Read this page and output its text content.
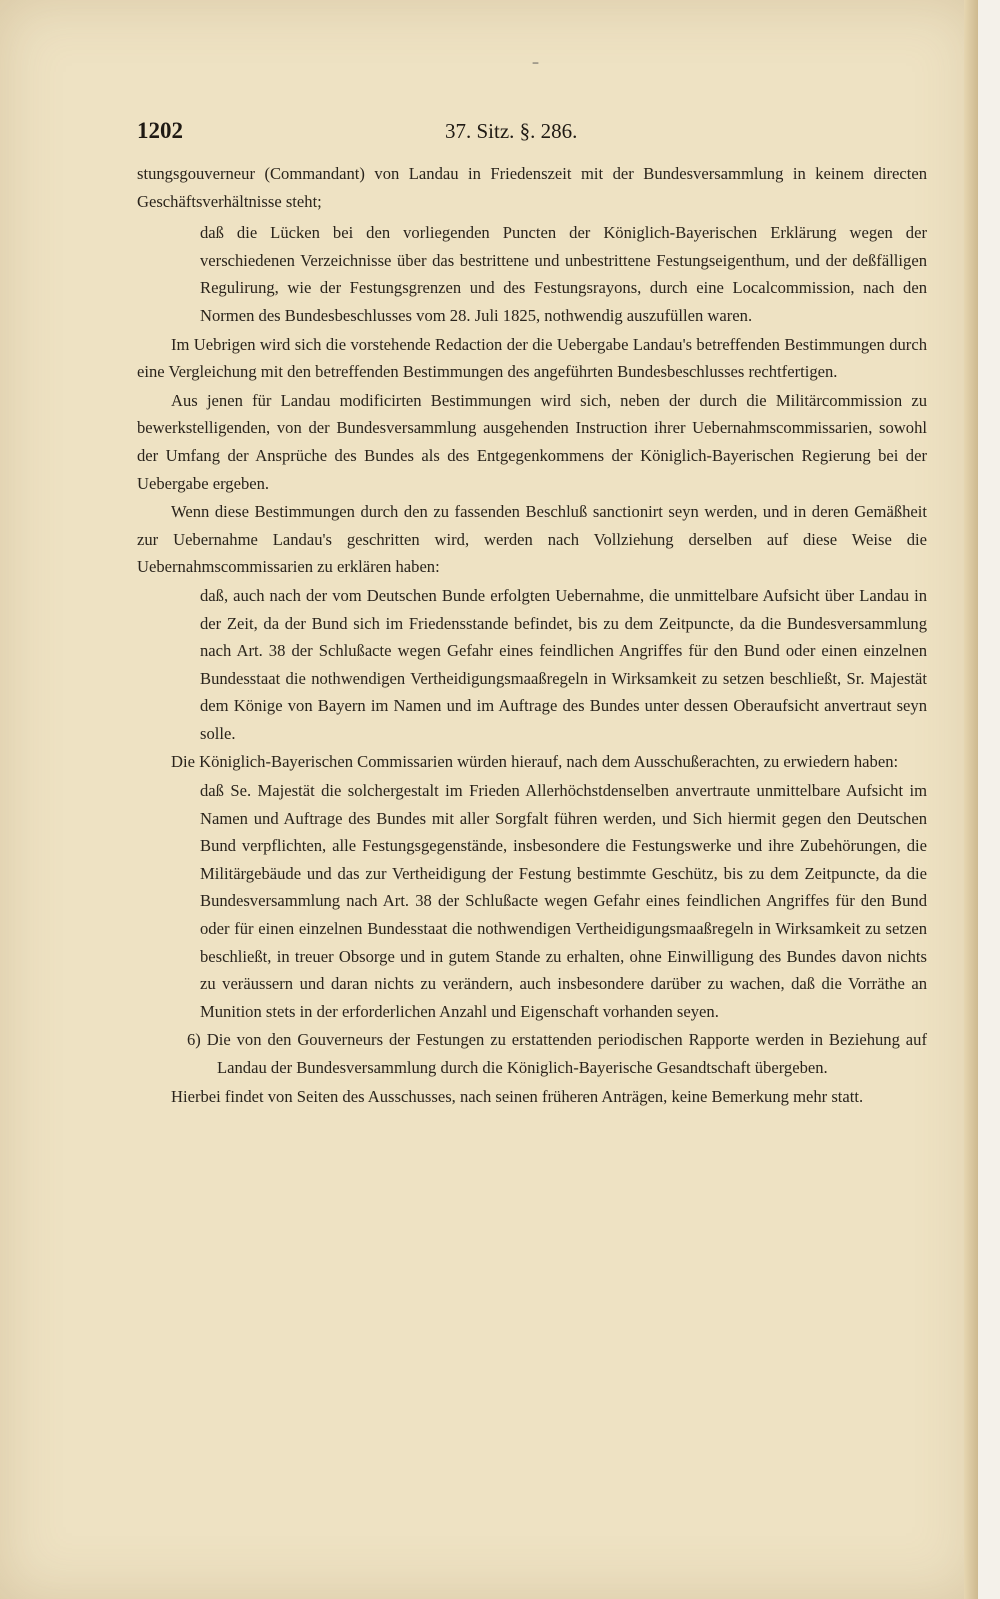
–
1202	37. Sitz. §. 286.

stungsgouverneur (Commandant) von Landau in Friedenszeit mit der Bundesversammlung in keinem directen Geschäftsverhältnisse steht;

daß die Lücken bei den vorliegenden Puncten der Königlich-Bayerischen Erklärung wegen der verschiedenen Verzeichnisse über das bestrittene und unbestrittene Festungseigenthum, und der deßfälligen Regulirung, wie der Festungsgrenzen und des Festungsrayons, durch eine Localcommission, nach den Normen des Bundesbeschlusses vom 28. Juli 1825, nothwendig auszufüllen waren.

Im Uebrigen wird sich die vorstehende Redaction der die Uebergabe Landau's betreffenden Bestimmungen durch eine Vergleichung mit den betreffenden Bestimmungen des angeführten Bundesbeschlusses rechtfertigen.

Aus jenen für Landau modificirten Bestimmungen wird sich, neben der durch die Militärcommission zu bewerkstelligenden, von der Bundesversammlung ausgehenden Instruction ihrer Uebernahmscommissarien, sowohl der Umfang der Ansprüche des Bundes als des Entgegenkommens der Königlich-Bayerischen Regierung bei der Uebergabe ergeben.

Wenn diese Bestimmungen durch den zu fassenden Beschluß sanctionirt seyn werden, und in deren Gemäßheit zur Uebernahme Landau's geschritten wird, werden nach Vollziehung derselben auf diese Weise die Uebernahmscommissarien zu erklären haben:

daß, auch nach der vom Deutschen Bunde erfolgten Uebernahme, die unmittelbare Aufsicht über Landau in der Zeit, da der Bund sich im Friedensstande befindet, bis zu dem Zeitpuncte, da die Bundesversammlung nach Art. 38 der Schlußacte wegen Gefahr eines feindlichen Angriffes für den Bund oder einen einzelnen Bundesstaat die nothwendigen Vertheidigungsmaaßregeln in Wirksamkeit zu setzen beschließt, Sr. Majestät dem Könige von Bayern im Namen und im Auftrage des Bundes unter dessen Oberaufsicht anvertraut seyn solle.

Die Königlich-Bayerischen Commissarien würden hierauf, nach dem Ausschußerachten, zu erwiedern haben:

daß Se. Majestät die solchergestalt im Frieden Allerhöchstdenselben anvertraute unmittelbare Aufsicht im Namen und Auftrage des Bundes mit aller Sorgfalt führen werden, und Sich hiermit gegen den Deutschen Bund verpflichten, alle Festungsgegenstände, insbesondere die Festungswerke und ihre Zubehörungen, die Militärgebäude und das zur Vertheidigung der Festung bestimmte Geschütz, bis zu dem Zeitpuncte, da die Bundesversammlung nach Art. 38 der Schlußacte wegen Gefahr eines feindlichen Angriffes für den Bund oder für einen einzelnen Bundesstaat die nothwendigen Vertheidigungsmaaßregeln in Wirksamkeit zu setzen beschließt, in treuer Obsorge und in gutem Stande zu erhalten, ohne Einwilligung des Bundes davon nichts zu veräussern und daran nichts zu verändern, auch insbesondere darüber zu wachen, daß die Vorräthe an Munition stets in der erforderlichen Anzahl und Eigenschaft vorhanden seyen.

6) Die von den Gouverneurs der Festungen zu erstattenden periodischen Rapporte werden in Beziehung auf Landau der Bundesversammlung durch die Königlich-Bayerische Gesandtschaft übergeben.

Hierbei findet von Seiten des Ausschusses, nach seinen früheren Anträgen, keine Bemerkung mehr statt.
